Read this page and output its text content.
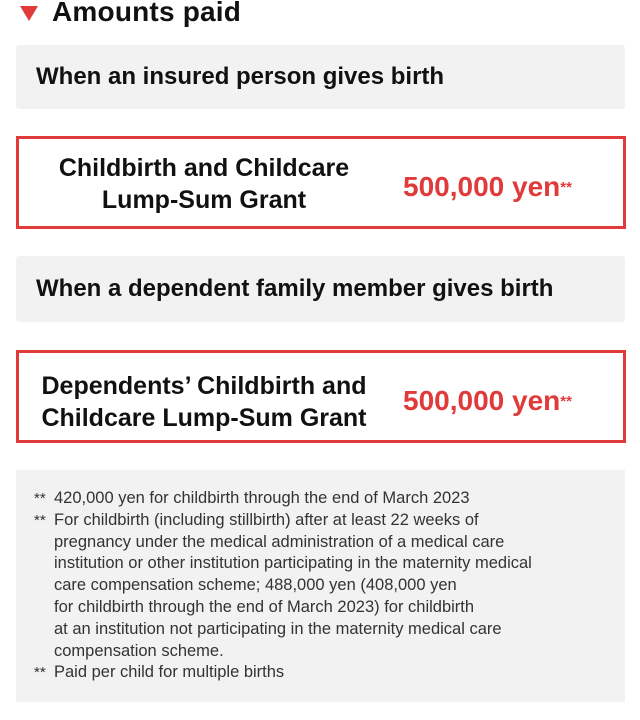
Amounts paid
When an insured person gives birth
Childbirth and Childcare
Lump-Sum Grant	500,000 yen**
When a dependent family member gives birth
Dependents’ Childbirth and
Childcare Lump-Sum Grant
500,000 yen**
** 420,000 yen for childbirth through the end of March 2023
** For childbirth (including stillbirth) after at least 22 weeks of
pregnancy under the medical administration of a medical care
institution or other institution participating in the maternity medical
care compensation scheme; 488,000 yen (408,000 yen
for childbirth through the end of March 2023) for childbirth
at an institution not participating in the maternity medical care
compensation scheme.
** Paid per child for multiple births
